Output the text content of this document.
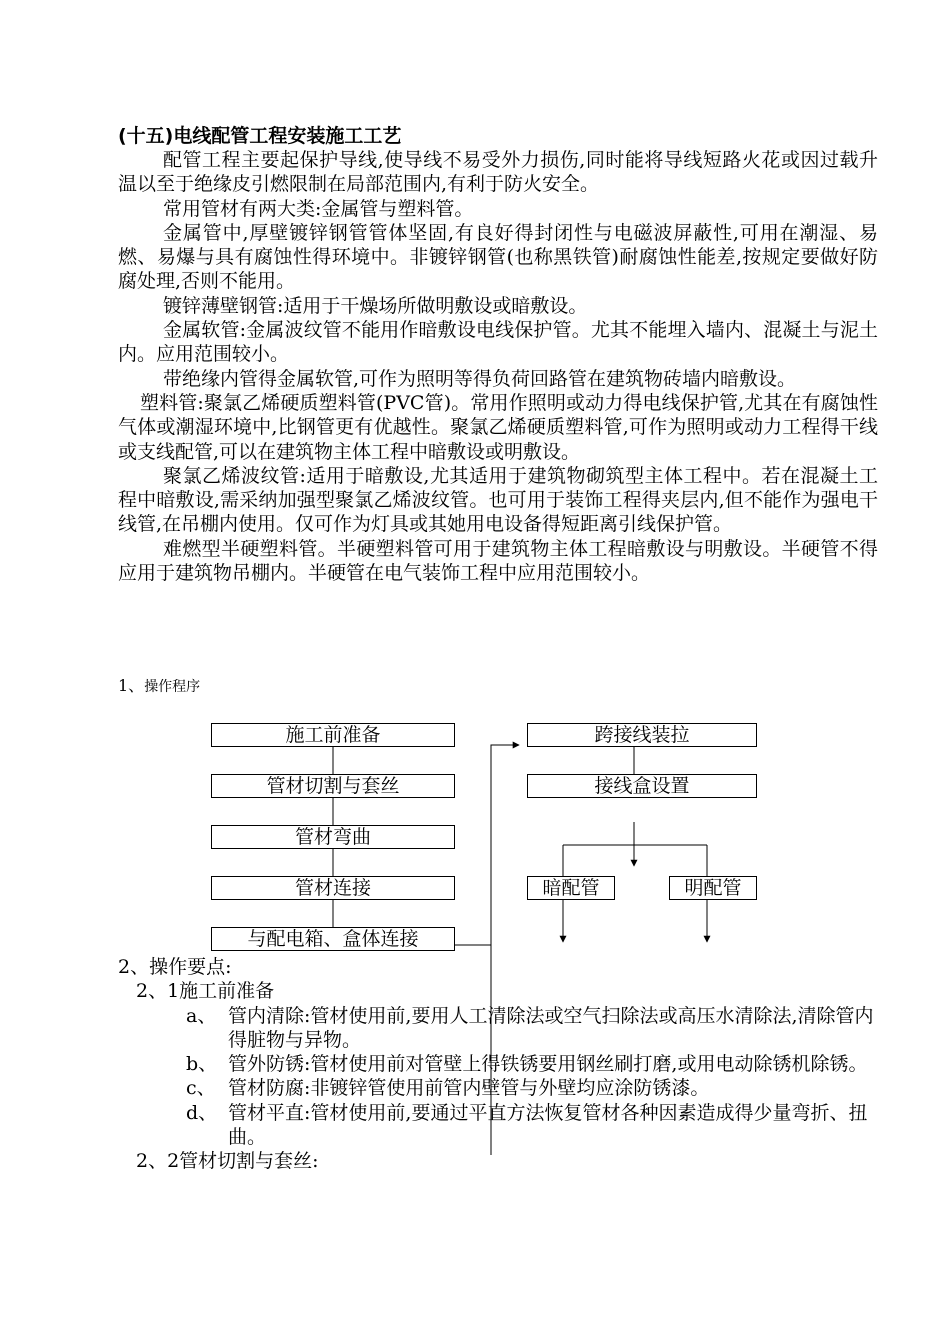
(十五)电线配管工程安装施工工艺

配管工程主要起保护导线,使导线不易受外力损伤,同时能将导线短路火花或因过载升温以至于绝缘皮引燃限制在局部范围内,有利于防火安全。

常用管材有两大类:金属管与塑料管。

金属管中,厚壁镀锌钢管管体坚固,有良好得封闭性与电磁波屏蔽性,可用在潮湿、易燃、易爆与具有腐蚀性得环境中。非镀锌钢管(也称黑铁管)耐腐蚀性能差,按规定要做好防腐处理,否则不能用。

镀锌薄壁钢管:适用于干燥场所做明敷设或暗敷设。

金属软管:金属波纹管不能用作暗敷设电线保护管。尤其不能埋入墙内、混凝土与泥土内。应用范围较小。

带绝缘内管得金属软管,可作为照明等得负荷回路管在建筑物砖墙内暗敷设。

塑料管:聚氯乙烯硬质塑料管(PVC管)。常用作照明或动力得电线保护管,尤其在有腐蚀性气体或潮湿环境中,比钢管更有优越性。聚氯乙烯硬质塑料管,可作为照明或动力工程得干线或支线配管,可以在建筑物主体工程中暗敷设或明敷设。

聚氯乙烯波纹管:适用于暗敷设,尤其适用于建筑物砌筑型主体工程中。若在混凝土工程中暗敷设,需采纳加强型聚氯乙烯波纹管。也可用于装饰工程得夹层内,但不能作为强电干线管,在吊棚内使用。仅可作为灯具或其她用电设备得短距离引线保护管。

难燃型半硬塑料管。半硬塑料管可用于建筑物主体工程暗敷设与明敷设。半硬管不得应用于建筑物吊棚内。半硬管在电气装饰工程中应用范围较小。

1、操作程序
施工前准备
管材切割与套丝
管材弯曲
管材连接
与配电箱、盒体连接
跨接线装拉
接线盒设置
暗配管	明配管

2、操作要点:

2、1施工前准备

a、 管内清除:管材使用前,要用人工清除法或空气扫除法或高压水清除法,清除管内得脏物与异物。
b、 管外防锈:管材使用前对管壁上得铁锈要用钢丝刷打磨,或用电动除锈机除锈。
c、 管材防腐:非镀锌管使用前管内壁管与外壁均应涂防锈漆。
d、 管材平直:管材使用前,要通过平直方法恢复管材各种因素造成得少量弯折、扭曲。

2、2管材切割与套丝:
